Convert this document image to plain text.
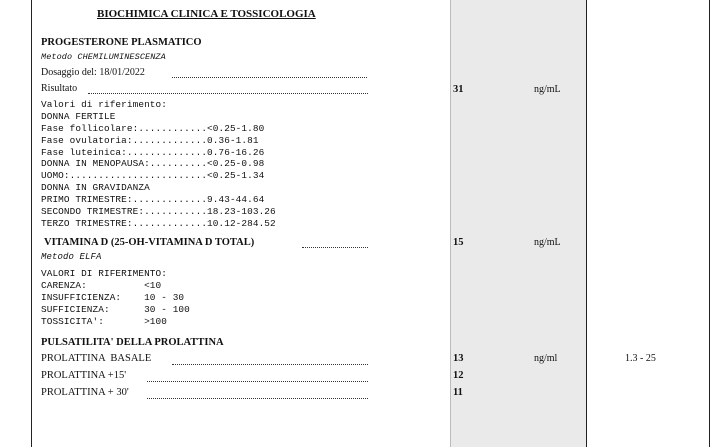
BIOCHIMICA CLINICA E TOSSICOLOGIA
PROGESTERONE PLASMATICO
Metodo CHEMILUMINESCENZA
Dosaggio del: 18/01/2022
Risultato	31	ng/mL
Valori di riferimento:
DONNA FERTILE
Fase follicolare:............<0.25-1.80
Fase ovulatoria:.............0.36-1.81
Fase luteinica:..............0.76-16.26
DONNA IN MENOPAUSA:..........<0.25-0.98
UOMO:........................<0.25-1.34
DONNA IN GRAVIDANZA
PRIMO TRIMESTRE:.............9.43-44.64
SECONDO TRIMESTRE:...........18.23-103.26
TERZO TRIMESTRE:.............10.12-284.52
VITAMINA D (25-OH-VITAMINA D TOTAL)	15	ng/mL
Metodo ELFA
VALORI DI RIFERIMENTO:
CARENZA:          <10
INSUFFICIENZA:    10 - 30
SUFFICIENZA:      30 - 100
TOSSICITA':       >100
PULSATILITA' DELLA PROLATTINA
PROLATTINA  BASALE	13	ng/ml	1.3 - 25
PROLATTINA +15'	12
PROLATTINA + 30'	11
